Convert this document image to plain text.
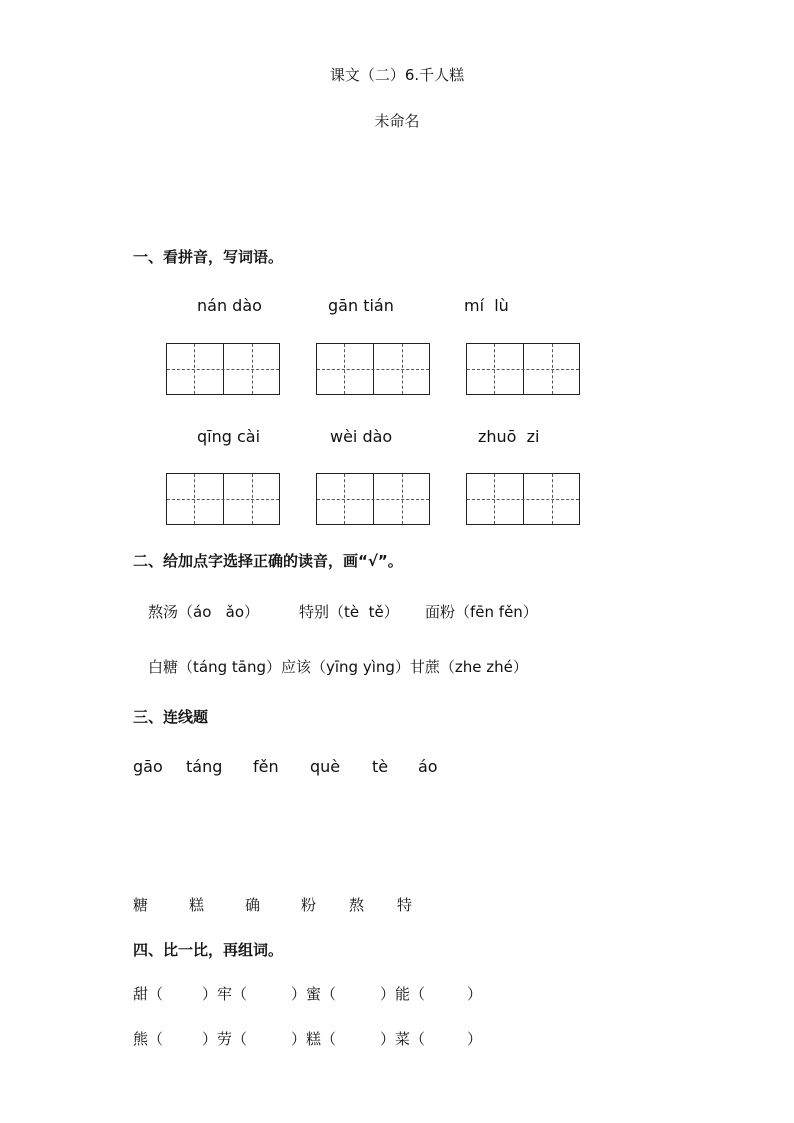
课文（二）6.千人糕
未命名
一、看拼音，写词语。
nán dào	gān tián	mí  lù
qīng cài	wèi dào	zhuō  zi
二、给加点字选择正确的读音，画“√”。
熬汤（áo   ǎo）	特别（tè  tě） 面粉（fēn fěn）
白糖（táng tāng）应该（yīng yìng）甘蔗（zhe zhé）
三、连线题
gāo táng fěn què tè áo
糖	糕	确	粉 熬 特
四、比一比，再组词。
甜（	）牢（	）蜜（	）能（	）
熊（	）劳（	）糕（	）菜（	）
